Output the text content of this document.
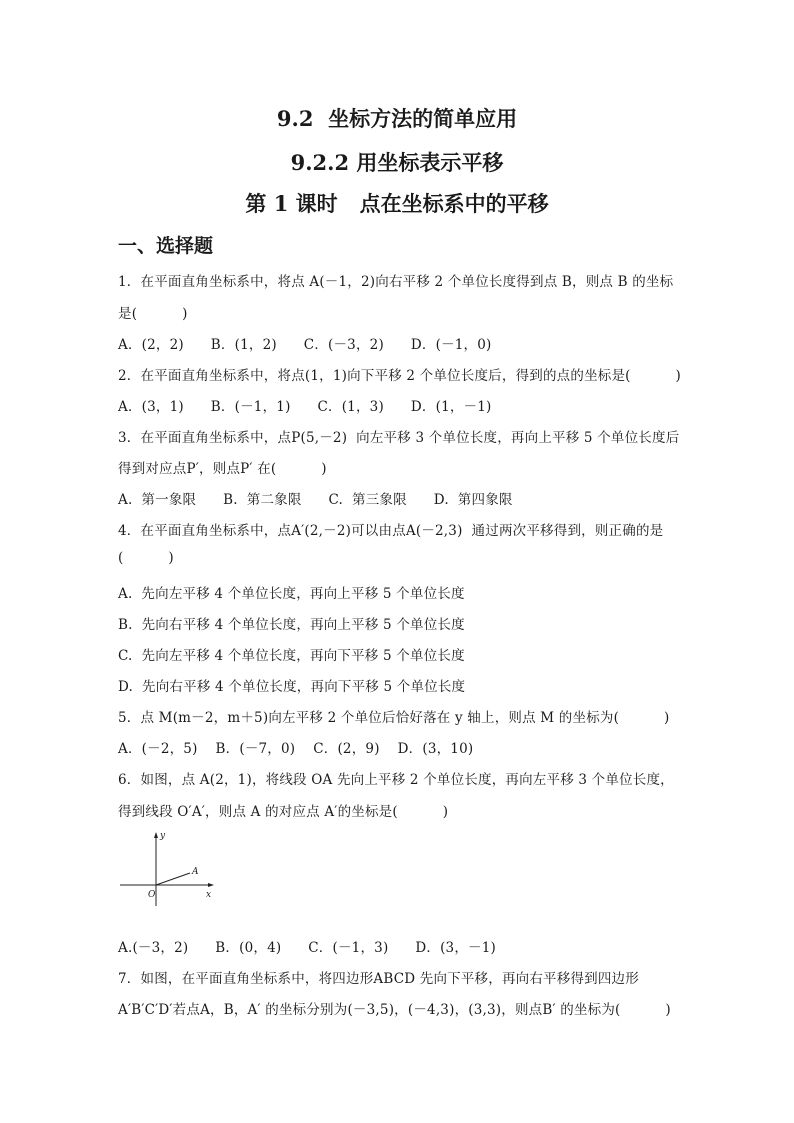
9.2  坐标方法的简单应用
9.2.2 用坐标表示平移
第 1 课时   点在坐标系中的平移
一、选择题
1．在平面直角坐标系中，将点 A(－1，2)向右平移 2 个单位长度得到点 B，则点 B 的坐标
是(          )
A．(2，2)      B．(1，2)      C．(－3，2)      D．(－1，0)
2．在平面直角坐标系中，将点(1，1)向下平移 2 个单位长度后，得到的点的坐标是(          )
A．(3，1)      B．(－1，1)      C．(1，3)      D．(1，－1)
3．在平面直角坐标系中，点P(5,－2)  向左平移 3 个单位长度，再向上平移 5 个单位长度后
得到对应点P′，则点P′ 在(          )
A.  第一象限      B.  第二象限      C.  第三象限      D.  第四象限
4．在平面直角坐标系中，点A′(2,－2)可以由点A(－2,3)  通过两次平移得到，则正确的是
(          )
A.  先向左平移 4 个单位长度，再向上平移 5 个单位长度
B.  先向右平移 4 个单位长度，再向上平移 5 个单位长度
C.  先向左平移 4 个单位长度，再向下平移 5 个单位长度
D.  先向右平移 4 个单位长度，再向下平移 5 个单位长度
5．点 M(m－2，m＋5)向左平移 2 个单位后恰好落在 y 轴上，则点 M 的坐标为(          )
A．(－2，5)    B．(－7，0)    C．(2，9)    D．(3，10)
6．如图，点 A(2，1)，将线段 OA 先向上平移 2 个单位长度，再向左平移 3 个单位长度，
得到线段 O′A′，则点 A 的对应点 A′的坐标是(          )
y
x
O
A
A.(－3，2)      B．(0，4)      C．(－1，3)      D．(3，－1)
7．如图，在平面直角坐标系中，将四边形ABCD 先向下平移，再向右平移得到四边形
A′B′C′D′若点A，B，A′ 的坐标分别为(－3,5)，(－4,3)，(3,3)，则点B′ 的坐标为(          )
